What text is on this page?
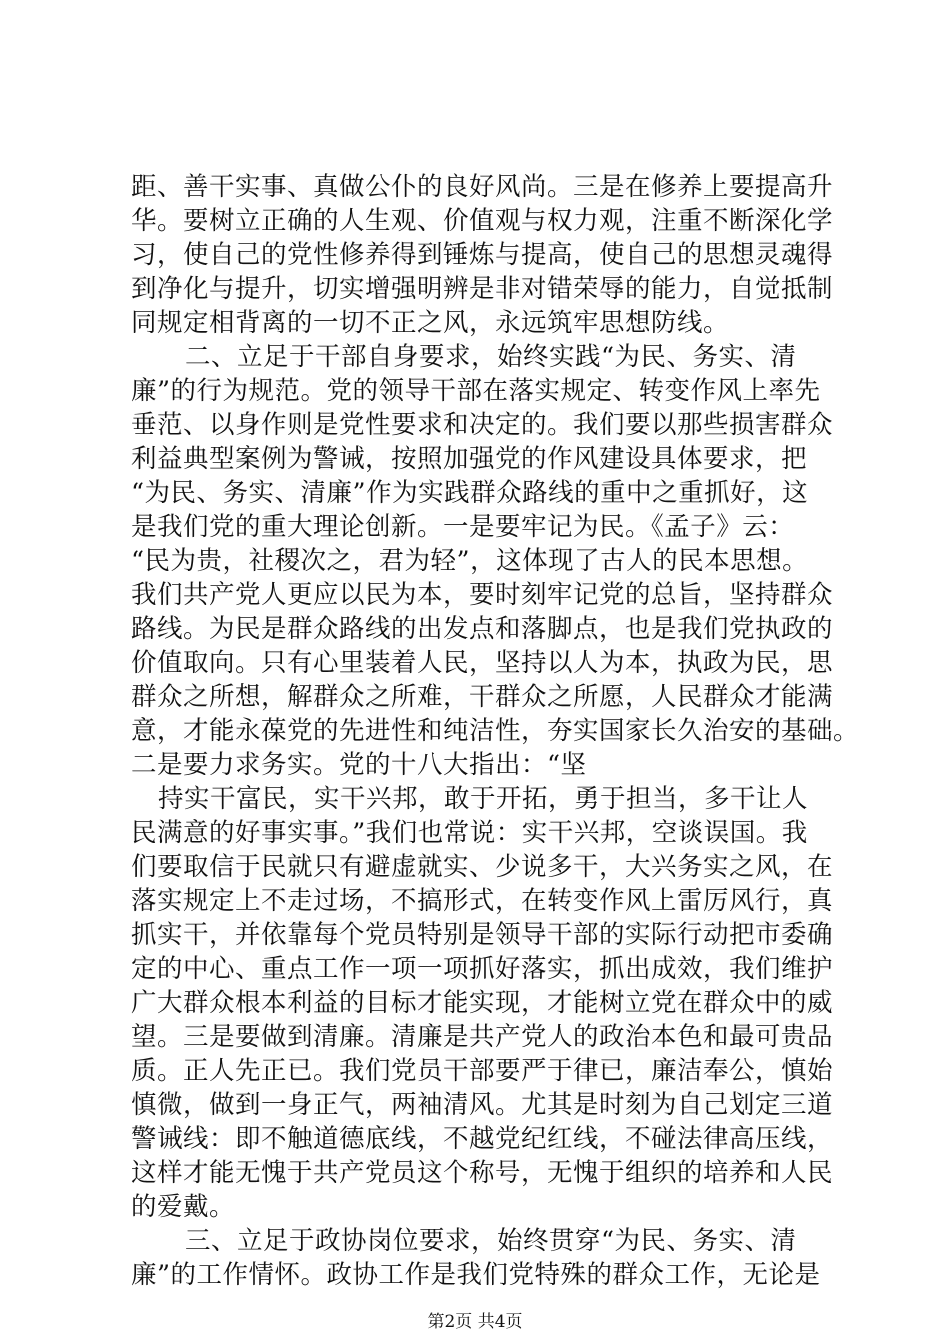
距、善干实事、真做公仆的良好风尚。三是在修养上要提高升

华。要树立正确的人生观、价值观与权力观，注重不断深化学

习，使自己的党性修养得到锤炼与提高，使自己的思想灵魂得

到净化与提升，切实增强明辨是非对错荣辱的能力，自觉抵制

同规定相背离的一切不正之风，永远筑牢思想防线。

二、立足于干部自身要求，始终实践“为民、务实、清

廉”的行为规范。党的领导干部在落实规定、转变作风上率先

垂范、以身作则是党性要求和决定的。我们要以那些损害群众

利益典型案例为警诫，按照加强党的作风建设具体要求，把

“为民、务实、清廉”作为实践群众路线的重中之重抓好，这

是我们党的重大理论创新。一是要牢记为民。《孟子》云：

“民为贵，社稷次之，君为轻”，这体现了古人的民本思想。

我们共产党人更应以民为本，要时刻牢记党的总旨，坚持群众

路线。为民是群众路线的出发点和落脚点，也是我们党执政的

价值取向。只有心里装着人民，坚持以人为本，执政为民，思

群众之所想，解群众之所难，干群众之所愿，人民群众才能满

意，才能永葆党的先进性和纯洁性，夯实国家长久治安的基础。

二是要力求务实。党的十八大指出：“坚

持实干富民，实干兴邦，敢于开拓，勇于担当，多干让人

民满意的好事实事。”我们也常说：实干兴邦，空谈误国。我

们要取信于民就只有避虚就实、少说多干，大兴务实之风，在

落实规定上不走过场，不搞形式，在转变作风上雷厉风行，真

抓实干，并依靠每个党员特别是领导干部的实际行动把市委确

定的中心、重点工作一项一项抓好落实，抓出成效，我们维护

广大群众根本利益的目标才能实现，才能树立党在群众中的威

望。三是要做到清廉。清廉是共产党人的政治本色和最可贵品

质。正人先正已。我们党员干部要严于律已，廉洁奉公，慎始

慎微，做到一身正气，两袖清风。尤其是时刻为自己划定三道

警诫线：即不触道德底线，不越党纪红线，不碰法律高压线，

这样才能无愧于共产党员这个称号，无愧于组织的培养和人民

的爱戴。

三、立足于政协岗位要求，始终贯穿“为民、务实、清

廉”的工作情怀。政协工作是我们党特殊的群众工作，无论是

第2页 共4页
